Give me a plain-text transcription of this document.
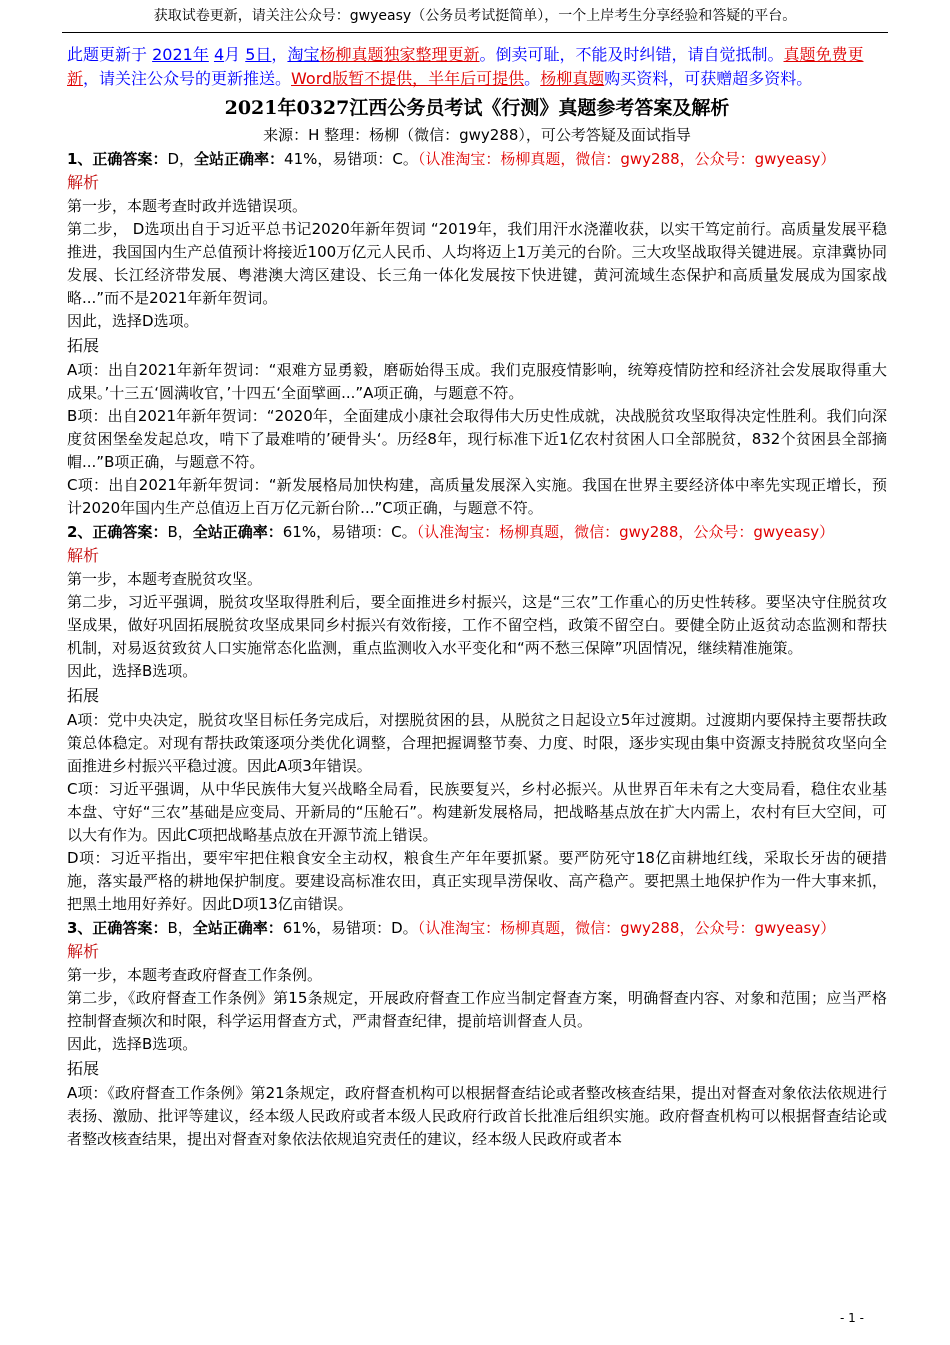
获取试卷更新，请关注公众号：gwyeasy（公务员考试挺简单），一个上岸考生分享经验和答疑的平台。

此题更新于 2021年 4月 5日，淘宝杨柳真题独家整理更新。倒卖可耻，不能及时纠错，请自觉抵制。真题免费更新，请关注公众号的更新推送。Word版暂不提供，半年后可提供。杨柳真题购买资料，可获赠超多资料。

2021年0327江西公务员考试《行测》真题参考答案及解析
来源：H 整理：杨柳（微信：gwy288），可公考答疑及面试指导

1、正确答案：D，全站正确率：41%，易错项：C。（认准淘宝：杨柳真题，微信：gwy288，公众号：gwyeasy）

解析

第一步，本题考查时政并选错误项。

第二步， D选项出自于习近平总书记2020年新年贺词 “2019年，我们用汗水浇灌收获，以实干笃定前行。高质量发展平稳推进，我国国内生产总值预计将接近100万亿元人民币、人均将迈上1万美元的台阶。三大攻坚战取得关键进展。京津冀协同发展、长江经济带发展、粤港澳大湾区建设、长三角一体化发展按下快进键，黄河流域生态保护和高质量发展成为国家战略...”而不是2021年新年贺词。

因此，选择D选项。

拓展

A项：出自2021年新年贺词：“艰难方显勇毅，磨砺始得玉成。我们克服疫情影响，统筹疫情防控和经济社会发展取得重大成果。’十三五‘圆满收官，’十四五‘全面擘画...”A项正确，与题意不符。

B项：出自2021年新年贺词：“2020年，全面建成小康社会取得伟大历史性成就，决战脱贫攻坚取得决定性胜利。我们向深度贫困堡垒发起总攻，啃下了最难啃的’硬骨头‘。历经8年，现行标准下近1亿农村贫困人口全部脱贫，832个贫困县全部摘帽...”B项正确，与题意不符。

C项：出自2021年新年贺词：“新发展格局加快构建，高质量发展深入实施。我国在世界主要经济体中率先实现正增长，预计2020年国内生产总值迈上百万亿元新台阶...”C项正确，与题意不符。

2、正确答案：B，全站正确率：61%，易错项：C。（认准淘宝：杨柳真题，微信：gwy288，公众号：gwyeasy）

解析

第一步，本题考查脱贫攻坚。

第二步，习近平强调，脱贫攻坚取得胜利后，要全面推进乡村振兴，这是“三农”工作重心的历史性转移。要坚决守住脱贫攻坚成果，做好巩固拓展脱贫攻坚成果同乡村振兴有效衔接，工作不留空档，政策不留空白。要健全防止返贫动态监测和帮扶机制，对易返贫致贫人口实施常态化监测，重点监测收入水平变化和“两不愁三保障”巩固情况，继续精准施策。

因此，选择B选项。

拓展

A项：党中央决定，脱贫攻坚目标任务完成后，对摆脱贫困的县，从脱贫之日起设立5年过渡期。过渡期内要保持主要帮扶政策总体稳定。对现有帮扶政策逐项分类优化调整，合理把握调整节奏、力度、时限，逐步实现由集中资源支持脱贫攻坚向全面推进乡村振兴平稳过渡。因此A项3年错误。

C项：习近平强调，从中华民族伟大复兴战略全局看，民族要复兴，乡村必振兴。从世界百年未有之大变局看，稳住农业基本盘、守好“三农”基础是应变局、开新局的“压舱石”。构建新发展格局，把战略基点放在扩大内需上，农村有巨大空间，可以大有作为。因此C项把战略基点放在开源节流上错误。

D项：习近平指出，要牢牢把住粮食安全主动权，粮食生产年年要抓紧。要严防死守18亿亩耕地红线，采取长牙齿的硬措施，落实最严格的耕地保护制度。要建设高标准农田，真正实现旱涝保收、高产稳产。要把黑土地保护作为一件大事来抓，把黑土地用好养好。因此D项13亿亩错误。

3、正确答案：B，全站正确率：61%，易错项：D。（认准淘宝：杨柳真题，微信：gwy288，公众号：gwyeasy）

解析

第一步，本题考查政府督查工作条例。

第二步，《政府督查工作条例》第15条规定，开展政府督查工作应当制定督查方案，明确督查内容、对象和范围；应当严格控制督查频次和时限，科学运用督查方式，严肃督查纪律，提前培训督查人员。

因此，选择B选项。

拓展

A项：《政府督查工作条例》第21条规定，政府督查机构可以根据督查结论或者整改核查结果，提出对督查对象依法依规进行表扬、激励、批评等建议，经本级人民政府或者本级人民政府行政首长批准后组织实施。政府督查机构可以根据督查结论或者整改核查结果，提出对督查对象依法依规追究责任的建议，经本级人民政府或者本

- 1 -
